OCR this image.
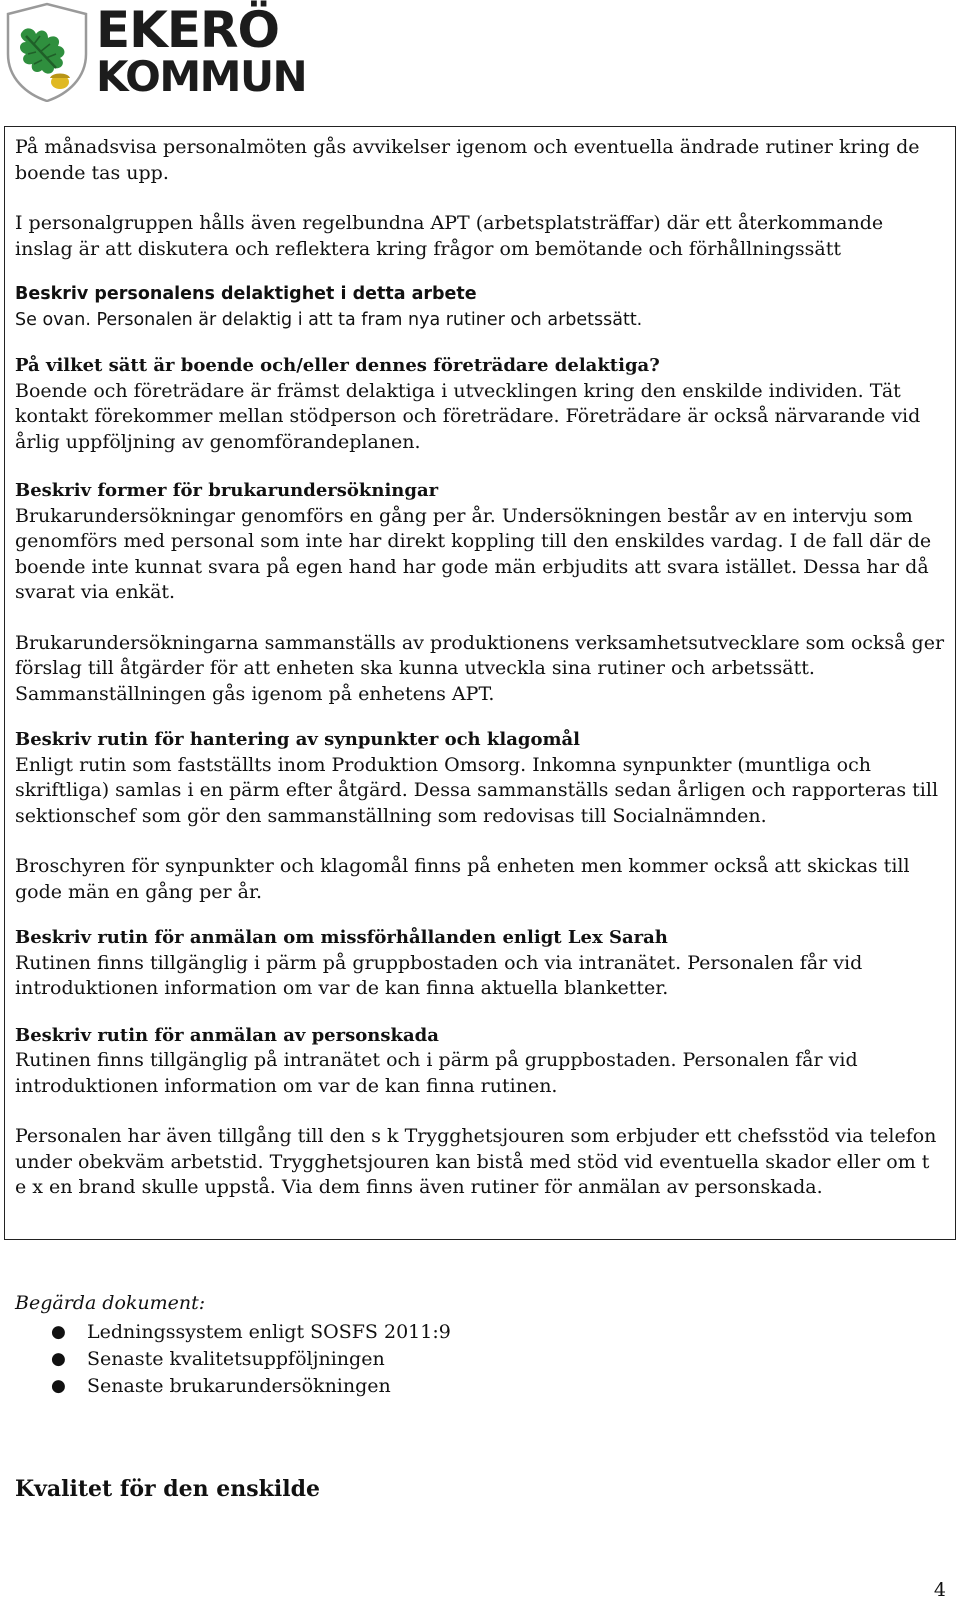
EKERÖ
KOMMUN

På månadsvisa personalmöten gås avvikelser igenom och eventuella ändrade rutiner kring de boende tas upp.

I personalgruppen hålls även regelbundna APT (arbetsplatsträffar) där ett återkommande inslag är att diskutera och reflektera kring frågor om bemötande och förhållningssätt

Beskriv personalens delaktighet i detta arbete

Se ovan. Personalen är delaktig i att ta fram nya rutiner och arbetssätt.

På vilket sätt är boende och/eller dennes företrädare delaktiga?

Boende och företrädare är främst delaktiga i utvecklingen kring den enskilde individen. Tät kontakt förekommer mellan stödperson och företrädare. Företrädare är också närvarande vid årlig uppföljning av genomförandeplanen.

Beskriv former för brukarundersökningar

Brukarundersökningar genomförs en gång per år. Undersökningen består av en intervju som genomförs med personal som inte har direkt koppling till den enskildes vardag. I de fall där de boende inte kunnat svara på egen hand har gode män erbjudits att svara istället. Dessa har då svarat via enkät.

Brukarundersökningarna sammanställs av produktionens verksamhetsutvecklare som också ger förslag till åtgärder för att enheten ska kunna utveckla sina rutiner och arbetssätt. Sammanställningen gås igenom på enhetens APT.

Beskriv rutin för hantering av synpunkter och klagomål

Enligt rutin som fastställts inom Produktion Omsorg. Inkomna synpunkter (muntliga och skriftliga) samlas i en pärm efter åtgärd. Dessa sammanställs sedan årligen och rapporteras till sektionschef som gör den sammanställning som redovisas till Socialnämnden.

Broschyren för synpunkter och klagomål finns på enheten men kommer också att skickas till gode män en gång per år.

Beskriv rutin för anmälan om missförhållanden enligt Lex Sarah

Rutinen finns tillgänglig i pärm på gruppbostaden och via intranätet. Personalen får vid introduktionen information om var de kan finna aktuella blanketter.

Beskriv rutin för anmälan av personskada

Rutinen finns tillgänglig på intranätet och i pärm på gruppbostaden. Personalen får vid introduktionen information om var de kan finna rutinen.

Personalen har även tillgång till den s k Trygghetsjouren som erbjuder ett chefsstöd via telefon under obekväm arbetstid. Trygghetsjouren kan bistå med stöd vid eventuella skador eller om t e x en brand skulle uppstå. Via dem finns även rutiner för anmälan av personskada.

Begärda dokument:
● Ledningssystem enligt SOSFS 2011:9
● Senaste kvalitetsuppföljningen
● Senaste brukarundersökningen
Kvalitet för den enskilde
4
